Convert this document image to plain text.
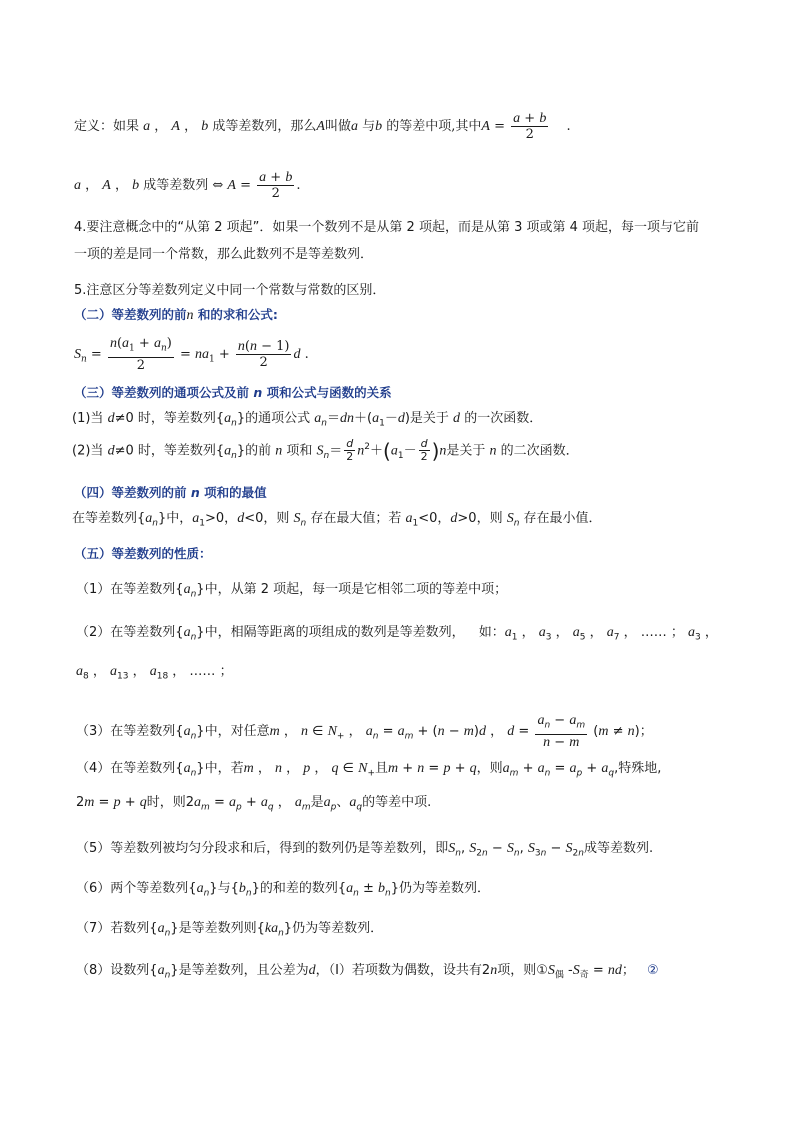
定义：如果 a ， A ， b 成等差数列，那么A叫做a 与b 的等差中项,其中$A = \frac{a + b}{2}$ .
a ， A ， b 成等差数列 ⇔ $A = \frac{a + b}{2}$ .
4.要注意概念中的“从第 2 项起”．如果一个数列不是从第 2 项起，而是从第 3 项或第 4 项起，每一项与它前
一项的差是同一个常数，那么此数列不是等差数列．
5.注意区分等差数列定义中同一个常数与常数的区别．
（二）等差数列的前n 和的求和公式:
$S_n = \frac{n(a_1 + a_n)}{2} = na_1 + \frac{n(n - 1)}{2}$ d .
（三）等差数列的通项公式及前 n 项和公式与函数的关系
(1)当 d≠0 时，等差数列$\{a_n\}$的通项公式 $a_n=dn+(a_1-d)$是关于 d 的一次函数．
(2)当 d≠0 时，等差数列$\{a_n\}$的前 n 项和 $S_n= \frac{d}{2} n^2+(a_1- \frac{d}{2} )n$是关于 n 的二次函数．
（四）等差数列的前 n 项和的最值
在等差数列$\{a_n\}$中，$a_1>0$，d<0，则 $S_n$ 存在最大值；若 $a_1<0$，d>0，则 $S_n$ 存在最小值．
（五）等差数列的性质：
（1）在等差数列$\{a_n\}$中，从第 2 项起，每一项是它相邻二项的等差中项；
（2）在等差数列$\{a_n\}$中，相隔等距离的项组成的数列是等差数列， 如：$a_1$ ， $a_3$ ， $a_5$ ， $a_7$ ， …… ； $a_3$ ，
$a_8$ ， $a_{13}$ ， $a_{18}$ ， …… ；
（3）在等差数列$\{a_n\}$中，对任意m ， n ∈ $N_+$ ， $a_n = a_m + (n - m)d$ ， $d = \frac{a_n - a_m}{n - m} (m \ne n)$；
（4）在等差数列$\{a_n\}$中，若m ， n ， p ， q ∈ $N_+$且m + n = p + q，则$a_m + a_n = a_p + a_q$,特殊地,
2m = p + q时，则$2a_m = a_p + a_q$ ， $a_m$是$a_p$、$a_q$的等差中项.
（5）等差数列被均匀分段求和后，得到的数列仍是等差数列，即$S_n$, $S_{2n} - S_n$, $S_{3n} - S_{2n}$成等差数列.
（6）两个等差数列$\{a_n\}$与$\{b_n\}$的和差的数列$\{a_n \pm b_n\}$仍为等差数列．
（7）若数列$\{a_n\}$是等差数列则$\{ka_n\}$仍为等差数列．
（8）设数列$\{a_n\}$是等差数列，且公差为d，（Ⅰ）若项数为偶数，设共有2n项，则$①S_偶$ $-S_奇$ = nd； ②
